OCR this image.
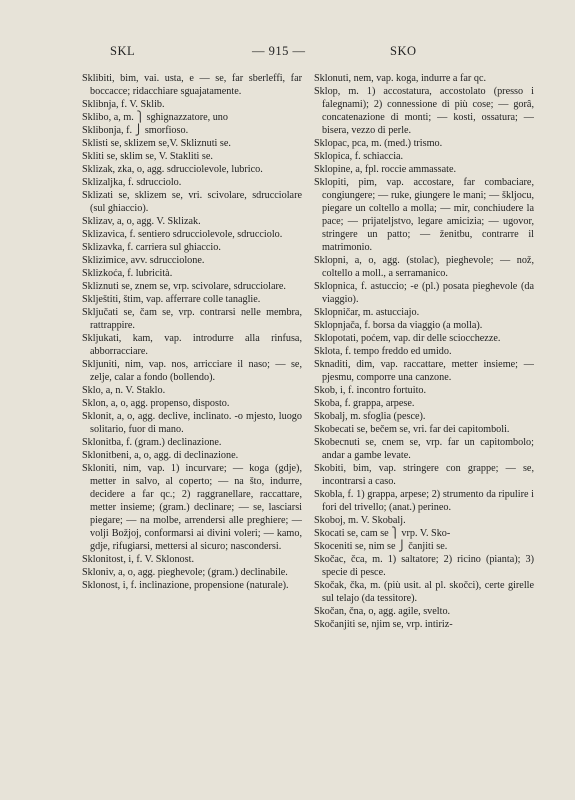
SKL	— 915 —	SKO

Sklibiti, bim, vai. usta, e — se, far sberleffi, far boccacce; ridacchiare sguajatamente.

Sklibnja, f. V. Sklib.

Sklibo, a, m. ⎫ sghignazzatore, uno

Sklibonja, f. ⎭ smorfioso.

Sklisti se, sklizem se,V. Skliznuti se.

Skliti se, sklim se, V. Stakliti se.

Sklizak, zka, o, agg. sdrucciolevole, lubrico.

Sklizaljka, f. sdrucciolo.

Sklizati se, sklizem se, vri. scivolare, sdrucciolare (sul ghiaccio).

Sklizav, a, o, agg. V. Sklizak.

Sklizavica, f. sentiero sdrucciolevole, sdrucciolo.

Sklizavka, f. carriera sul ghiaccio.

Sklizimice, avv. sdrucciolone.

Sklizkoća, f. lubricità.

Skliznuti se, znem se, vrp. scivolare, sdrucciolare.

Sklještiti, štim, vap. afferrare colle tanaglie.

Sključati se, čam se, vrp. contrarsi nelle membra, rattrappire.

Skljukati, kam, vap. introdurre alla rinfusa, abborracciare.

Skljuniti, nim, vap. nos, arricciare il naso; — se, zelje, calar a fondo (bollendo).

Sklo, a, n. V. Staklo.

Sklon, a, o, agg. propenso, disposto.

Sklonit, a, o, agg. declive, inclinato. -o mjesto, luogo solitario, fuor di mano.

Sklonitba, f. (gram.) declinazione.

Sklonitbeni, a, o, agg. di declinazione.

Skloniti, nim, vap. 1) incurvare; — koga (gdje), metter in salvo, al coperto; — na što, indurre, decidere a far qc.; 2) raggranellare, raccattare, metter insieme; (gram.) declinare; — se, lasciarsi piegare; — na molbe, arrendersi alle preghiere; — volji Božjoj, conformarsi ai divini voleri; — kamo, gdje, rifugiarsi, mettersi al sicuro; nascondersi.

Sklonitost, i, f. V. Sklonost.

Skloniv, a, o, agg. pieghevole; (gram.) declinabile.

Sklonost, i, f. inclinazione, propensione (naturale).

Sklonuti, nem, vap. koga, indurre a far qc.

Sklop, m. 1) accostatura, accostolato (presso i falegnami); 2) connessione di più cose; — gorâ, concatenazione di monti; — kosti, ossatura; — bisera, vezzo di perle.

Sklopac, pca, m. (med.) trismo.

Sklopica, f. schiaccia.

Sklopine, a, fpl. roccie ammassate.

Sklopiti, pim, vap. accostare, far combaciare, congiungere; — ruke, giungere le mani; — škljocu, piegare un coltello a molla; — mir, conchiudere la pace; — prijateljstvo, legare amicizia; — ugovor, stringere un patto; — ženitbu, contrarre il matrimonio.

Sklopni, a, o, agg. (stolac), pieghevole; — nož, coltello a moll., a serramanico.

Sklopnica, f. astuccio; -e (pl.) posata pieghevole (da viaggio).

Sklopničar, m. astucciajo.

Sklopnjača, f. borsa da viaggio (a molla).

Sklopotati, poćem, vap. dir delle sciocchezze.

Sklota, f. tempo freddo ed umido.

Sknaditi, dim, vap. raccattare, metter insieme; — pjesmu, comporre una canzone.

Skob, i, f. incontro fortuito.

Skoba, f. grappa, arpese.

Skobalj, m. sfoglia (pesce).

Skobecati se, bečem se, vri. far dei capitomboli.

Skobecnuti se, cnem se, vrp. far un capitombolo; andar a gambe levate.

Skobiti, bim, vap. stringere con grappe; — se, incontrarsi a caso.

Skobla, f. 1) grappa, arpese; 2) strumento da ripulire i fori del trivello; (anat.) perineo.

Skoboj, m. V. Skobalj.

Skocati se, cam se ⎫ vrp. V. Sko-

Skoceniti se, nim se ⎭ čanjiti se.

Skočac, čca, m. 1) saltatore; 2) ricino (pianta); 3) specie di pesce.

Skočak, čka, m. (più usit. al pl. skočci), certe girelle sul telajo (da tessitore).

Skočan, čna, o, agg. agile, svelto.

Skočanjiti se, njim se, vrp. intiriz-
